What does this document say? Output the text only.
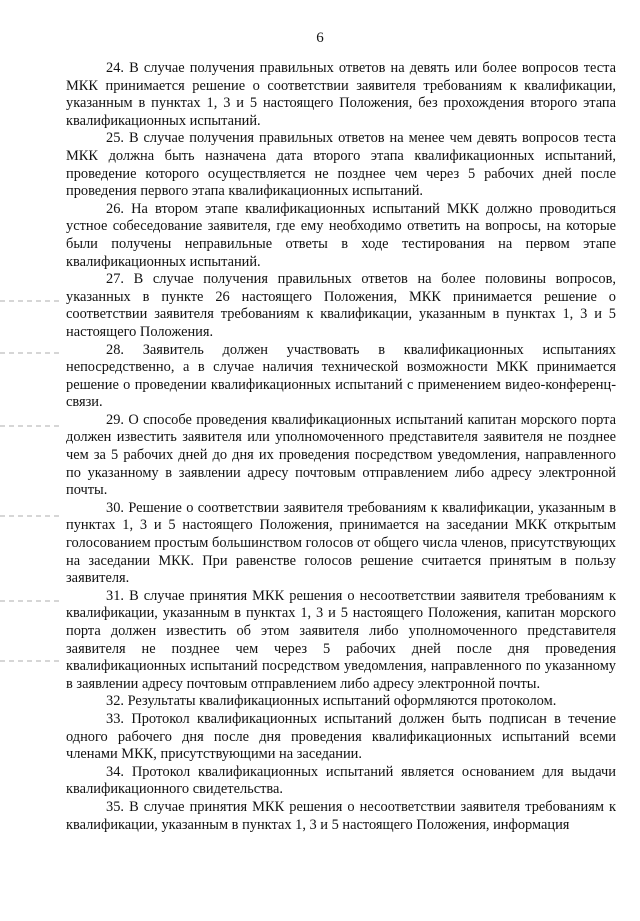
6

24. В случае получения правильных ответов на девять или более вопросов теста МКК принимается решение о соответствии заявителя требованиям к квалификации, указанным в пунктах 1, 3 и 5 настоящего Положения, без прохождения второго этапа квалификационных испытаний.

25. В случае получения правильных ответов на менее чем девять вопросов теста МКК должна быть назначена дата второго этапа квалификационных испытаний, проведение которого осуществляется не позднее чем через 5 рабочих дней после проведения первого этапа квалификационных испытаний.

26. На втором этапе квалификационных испытаний МКК должно проводиться устное собеседование заявителя, где ему необходимо ответить на вопросы, на которые были получены неправильные ответы в ходе тестирования на первом этапе квалификационных испытаний.

27. В случае получения правильных ответов на более половины вопросов, указанных в пункте 26 настоящего Положения, МКК принимается решение о соответствии заявителя требованиям к квалификации, указанным в пунктах 1, 3 и 5 настоящего Положения.

28. Заявитель должен участвовать в квалификационных испытаниях непосредственно, а в случае наличия технической возможности МКК принимается решение о проведении квалификационных испытаний с применением видео-конференц-связи.

29. О способе проведения квалификационных испытаний капитан морского порта должен известить заявителя или уполномоченного представителя заявителя не позднее чем за 5 рабочих дней до дня их проведения посредством уведомления, направленного по указанному в заявлении адресу почтовым отправлением либо адресу электронной почты.

30. Решение о соответствии заявителя требованиям к квалификации, указанным в пунктах 1, 3 и 5 настоящего Положения, принимается на заседании МКК открытым голосованием простым большинством голосов от общего числа членов, присутствующих на заседании МКК. При равенстве голосов решение считается принятым в пользу заявителя.

31. В случае принятия МКК решения о несоответствии заявителя требованиям к квалификации, указанным в пунктах 1, 3 и 5 настоящего Положения, капитан морского порта должен известить об этом заявителя либо уполномоченного представителя заявителя не позднее чем через 5 рабочих дней после дня проведения квалификационных испытаний посредством уведомления, направленного по указанному в заявлении адресу почтовым отправлением либо адресу электронной почты.

32. Результаты квалификационных испытаний оформляются протоколом.

33. Протокол квалификационных испытаний должен быть подписан в течение одного рабочего дня после дня проведения квалификационных испытаний всеми членами МКК, присутствующими на заседании.

34. Протокол квалификационных испытаний является основанием для выдачи квалификационного свидетельства.

35. В случае принятия МКК решения о несоответствии заявителя требованиям к квалификации, указанным в пунктах 1, 3 и 5 настоящего Положения, информация
